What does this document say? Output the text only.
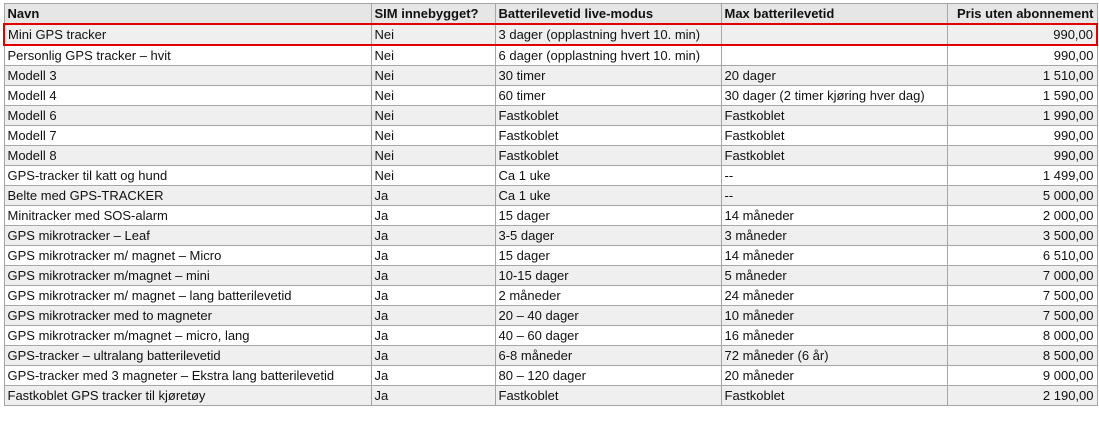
Navn	SIM innebygget?	Batterilevetid live-modus	Max batterilevetid	Pris uten abonnement
Mini GPS tracker	Nei	3 dager (opplastning hvert 10. min)		990,00
Personlig GPS tracker – hvit	Nei	6 dager (opplastning hvert 10. min)		990,00
Modell 3	Nei	30 timer	20 dager	1 510,00
Modell 4	Nei	60 timer	30 dager (2 timer kjøring hver dag)	1 590,00
Modell 6	Nei	Fastkoblet	Fastkoblet	1 990,00
Modell 7	Nei	Fastkoblet	Fastkoblet	990,00
Modell 8	Nei	Fastkoblet	Fastkoblet	990,00
GPS-tracker til katt og hund	Nei	Ca 1 uke	--	1 499,00
Belte med GPS-TRACKER	Ja	Ca 1 uke	--	5 000,00
Minitracker med SOS-alarm	Ja	15 dager	14 måneder	2 000,00
GPS mikrotracker – Leaf	Ja	3-5 dager	3 måneder	3 500,00
GPS mikrotracker m/ magnet – Micro	Ja	15 dager	14 måneder	6 510,00
GPS mikrotracker m/magnet – mini	Ja	10-15 dager	5 måneder	7 000,00
GPS mikrotracker m/ magnet – lang batterilevetid	Ja	2 måneder	24 måneder	7 500,00
GPS mikrotracker med to magneter	Ja	20 – 40 dager	10 måneder	7 500,00
GPS mikrotracker m/magnet – micro, lang	Ja	40 – 60 dager	16 måneder	8 000,00
GPS-tracker – ultralang batterilevetid	Ja	6-8 måneder	72 måneder (6 år)	8 500,00
GPS-tracker med 3 magneter – Ekstra lang batterilevetid	Ja	80 – 120 dager	20 måneder	9 000,00
Fastkoblet GPS tracker til kjøretøy	Ja	Fastkoblet	Fastkoblet	2 190,00
